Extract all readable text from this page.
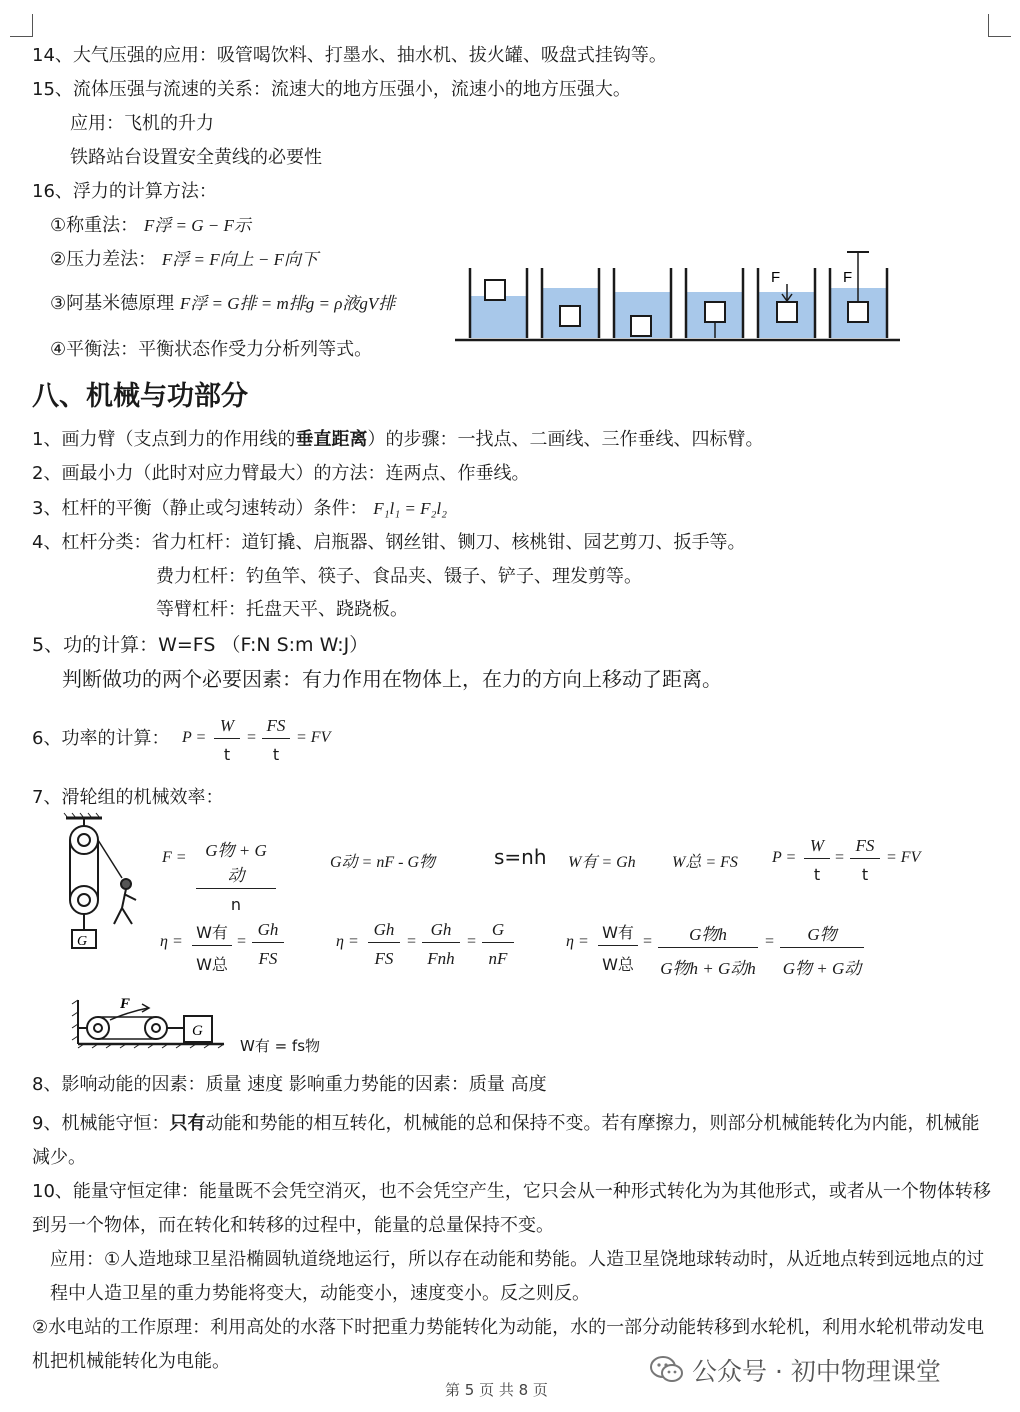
14、大气压强的应用：吸管喝饮料、打墨水、抽水机、拔火罐、吸盘式挂钩等。
15、流体压强与流速的关系：流速大的地方压强小，流速小的地方压强大。
应用：飞机的升力
铁路站台设置安全黄线的必要性
16、浮力的计算方法：
①称重法： F浮 = G − F示
②压力差法： F浮 = F向上 − F向下
③阿基米德原理 F浮 = G排 = m排g = ρ液gV排
④平衡法：平衡状态作受力分析列等式。
F	F
八、机械与功部分
1、画力臂（支点到力的作用线的垂直距离）的步骤：一找点、二画线、三作垂线、四标臂。
2、画最小力（此时对应力臂最大）的方法：连两点、作垂线。
3、杠杆的平衡（静止或匀速转动）条件： F₁l₁ = F₂l₂
4、杠杆分类：省力杠杆：道钉撬、启瓶器、钢丝钳、铡刀、核桃钳、园艺剪刀、扳手等。
费力杠杆：钓鱼竿、筷子、食品夹、镊子、铲子、理发剪等。
等臂杠杆：托盘天平、跷跷板。
5、功的计算：W=FS （F:N S:m W:J）
判断做功的两个必要因素：有力作用在物体上，在力的方向上移动了距离。
6、功率的计算： $P = \frac{W}{t} = \frac{FS}{t}$ = FV
7、滑轮组的机械效率：
G
F =	G物 + G动
n
G动 = nF - G物	s=nh W有 = Gh W总 = FS $P = \frac{W}{t} = \frac{FS}{t}$ = FV
η = W有
W总
= $\frac{Gh}{FS}$	$\eta = \frac{Gh}{FS}$ =
Gh
Fnh
= $\frac{G}{nF}$	η = W有
W总
=	G物h
G物h + G动h
=	G物
G物 + G动
F
G
W有 = fs物
8、影响动能的因素：质量 速度 影响重力势能的因素：质量 高度
9、机械能守恒：只有动能和势能的相互转化，机械能的总和保持不变。若有摩擦力，则部分机械能转化为内能，机械能减少。
10、能量守恒定律：能量既不会凭空消灭，也不会凭空产生，它只会从一种形式转化为为其他形式，或者从一个物体转移到另一个物体，而在转化和转移的过程中，能量的总量保持不变。
应用：①人造地球卫星沿椭圆轨道绕地运行，所以存在动能和势能。人造卫星饶地球转动时，从近地点转到远地点的过程中人造卫星的重力势能将变大，动能变小，速度变小。反之则反。
②水电站的工作原理：利用高处的水落下时把重力势能转化为动能，水的一部分动能转移到水轮机，利用水轮机带动发电机把机械能转化为电能。
第 5 页 共 8 页
公众号 · 初中物理课堂
